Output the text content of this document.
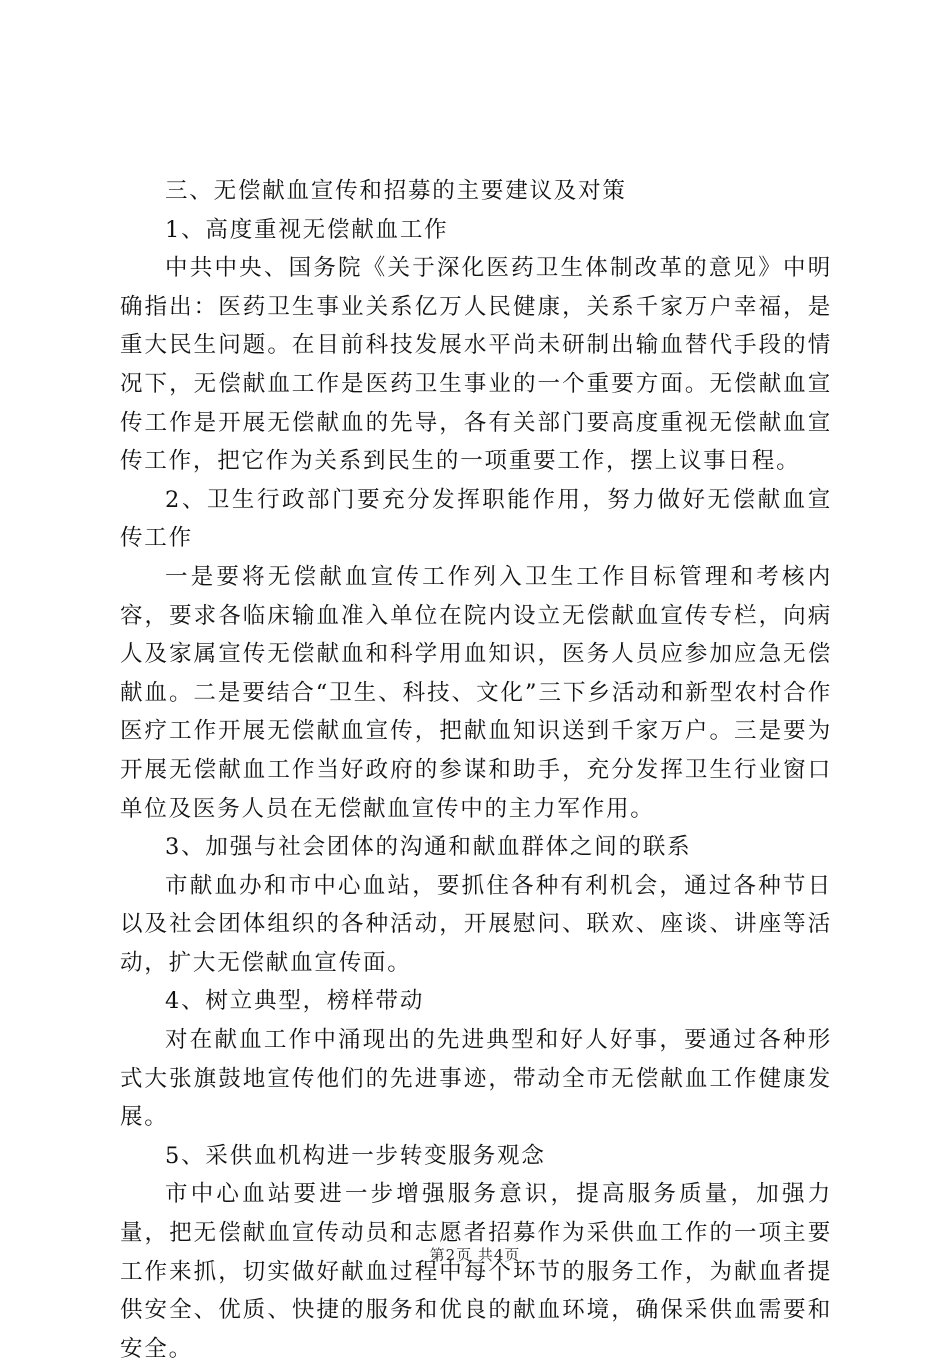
三、无偿献血宣传和招募的主要建议及对策

1、高度重视无偿献血工作

中共中央、国务院《关于深化医药卫生体制改革的意见》中明确指出：医药卫生事业关系亿万人民健康，关系千家万户幸福，是重大民生问题。在目前科技发展水平尚未研制出输血替代手段的情况下，无偿献血工作是医药卫生事业的一个重要方面。无偿献血宣传工作是开展无偿献血的先导，各有关部门要高度重视无偿献血宣传工作，把它作为关系到民生的一项重要工作，摆上议事日程。

2、卫生行政部门要充分发挥职能作用，努力做好无偿献血宣传工作

一是要将无偿献血宣传工作列入卫生工作目标管理和考核内容，要求各临床输血准入单位在院内设立无偿献血宣传专栏，向病人及家属宣传无偿献血和科学用血知识，医务人员应参加应急无偿献血。二是要结合“卫生、科技、文化”三下乡活动和新型农村合作医疗工作开展无偿献血宣传，把献血知识送到千家万户。三是要为开展无偿献血工作当好政府的参谋和助手，充分发挥卫生行业窗口单位及医务人员在无偿献血宣传中的主力军作用。

3、加强与社会团体的沟通和献血群体之间的联系

市献血办和市中心血站，要抓住各种有利机会，通过各种节日以及社会团体组织的各种活动，开展慰问、联欢、座谈、讲座等活动，扩大无偿献血宣传面。

4、树立典型，榜样带动

对在献血工作中涌现出的先进典型和好人好事，要通过各种形式大张旗鼓地宣传他们的先进事迹，带动全市无偿献血工作健康发展。

5、采供血机构进一步转变服务观念

市中心血站要进一步增强服务意识，提高服务质量，加强力量，把无偿献血宣传动员和志愿者招募作为采供血工作的一项主要工作来抓，切实做好献血过程中每个环节的服务工作，为献血者提供安全、优质、快捷的服务和优良的献血环境，确保采供血需要和安全。

第2页 共4页
